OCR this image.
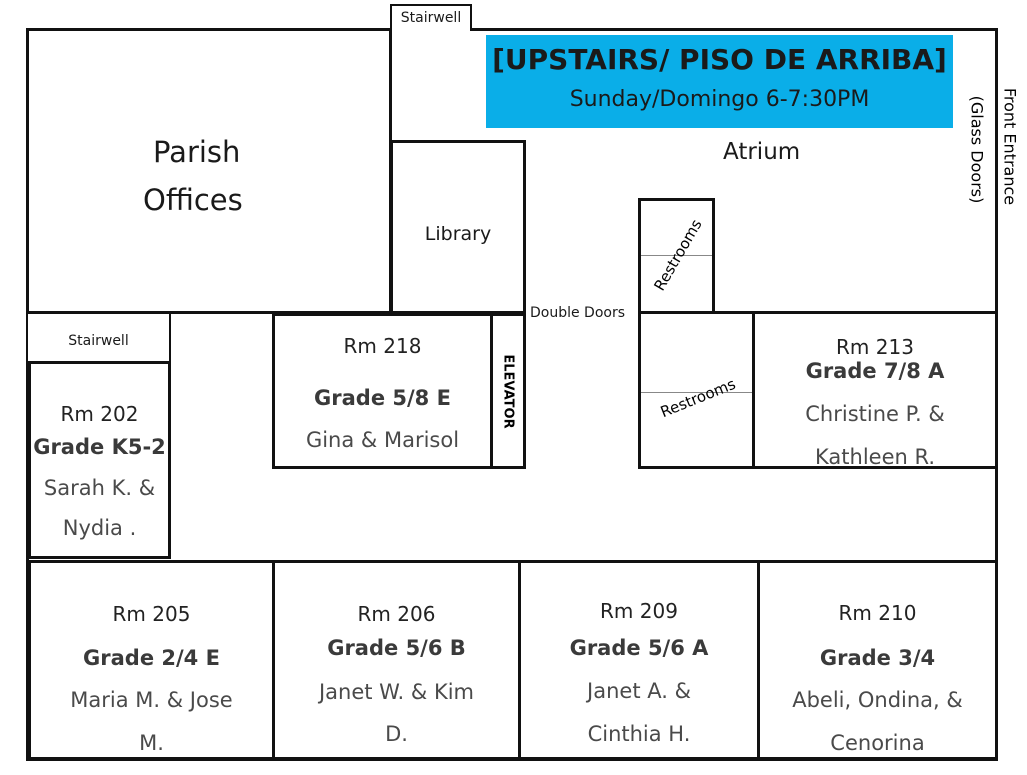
Stairwell
[UPSTAIRS/ PISO DE ARRIBA]
Sunday/Domingo 6-7:30PM
Parish
Offices
Atrium
Library	Restrooms
(Glass Doors) Front Entrance
Double Doors
Stairwell
Rm 202
Grade K5-2
Sarah K. &
Nydia .
Rm 218
Grade 5/8 E
Gina & Marisol
ELEVATOR	Restrooms
Rm 213
Grade 7/8 A
Christine P. &
Kathleen R.
Rm 205
Grade 2/4 E
Maria M. & Jose
M.
Rm 206
Grade 5/6 B
Janet W. & Kim
D.
Rm 209
Grade 5/6 A
Janet A. &
Cinthia H.
Rm 210
Grade 3/4
Abeli, Ondina, &
Cenorina
